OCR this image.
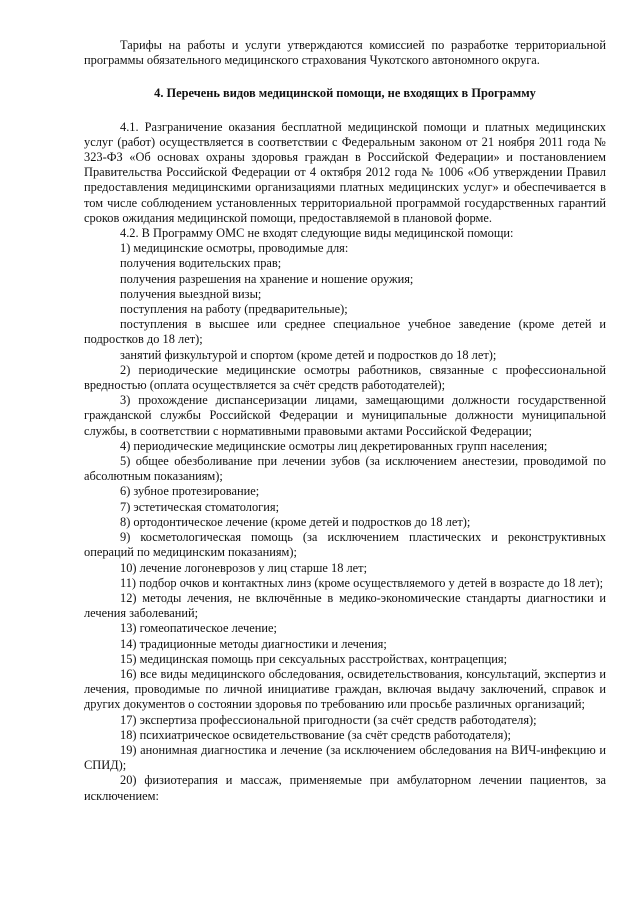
Тарифы на работы и услуги утверждаются комиссией по разработке территориальной программы обязательного медицинского страхования Чукотского автономного округа.

4. Перечень видов медицинской помощи, не входящих в Программу

4.1. Разграничение оказания бесплатной медицинской помощи и платных медицинских услуг (работ) осуществляется в соответствии с Федеральным законом от 21 ноября 2011 года № 323-ФЗ «Об основах охраны здоровья граждан в Российской Федерации» и постановлением Правительства Российской Федерации от 4 октября 2012 года № 1006 «Об утверждении Правил предоставления медицинскими организациями платных медицинских услуг» и обеспечивается в том числе соблюдением установленных территориальной программой государственных гарантий сроков ожидания медицинской помощи, предоставляемой в плановой форме.

4.2. В Программу ОМС не входят следующие виды медицинской помощи:

1) медицинские осмотры, проводимые для:
получения водительских прав;
получения разрешения на хранение и ношение оружия;
получения выездной визы;
поступления на работу (предварительные);
поступления в высшее или среднее специальное учебное заведение (кроме детей и подростков до 18 лет);
занятий физкультурой и спортом (кроме детей и подростков до 18 лет);
2) периодические медицинские осмотры работников, связанные с профессиональной вредностью (оплата осуществляется за счёт средств работодателей);
3) прохождение диспансеризации лицами, замещающими должности государственной гражданской службы Российской Федерации и муниципальные должности муниципальной службы, в соответствии с нормативными правовыми актами Российской Федерации;
4) периодические медицинские осмотры лиц декретированных групп населения;
5) общее обезболивание при лечении зубов (за исключением анестезии, проводимой по абсолютным показаниям);
6) зубное протезирование;
7) эстетическая стоматология;
8) ортодонтическое лечение (кроме детей и подростков до 18 лет);
9) косметологическая помощь (за исключением пластических и реконструктивных операций по медицинским показаниям);
10) лечение логоневрозов у лиц старше 18 лет;
11) подбор очков и контактных линз (кроме осуществляемого у детей в возрасте до 18 лет);
12) методы лечения, не включённые в медико-экономические стандарты диагностики и лечения заболеваний;
13) гомеопатическое лечение;
14) традиционные методы диагностики и лечения;
15) медицинская помощь при сексуальных расстройствах, контрацепция;
16) все виды медицинского обследования, освидетельствования, консультаций, экспертиз и лечения, проводимые по личной инициативе граждан, включая выдачу заключений, справок и других документов о состоянии здоровья по требованию или просьбе различных организаций;
17) экспертиза профессиональной пригодности (за счёт средств работодателя);
18) психиатрическое освидетельствование (за счёт средств работодателя);
19) анонимная диагностика и лечение (за исключением обследования на ВИЧ-инфекцию и СПИД);
20) физиотерапия и массаж, применяемые при амбулаторном лечении пациентов, за исключением:
